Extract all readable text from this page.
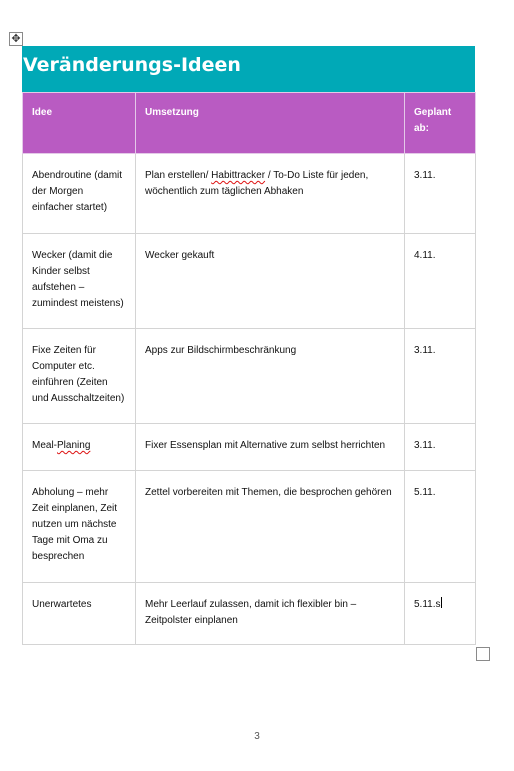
✥
Veränderungs-Ideen
Idee	Umsetzung	Geplant ab:
Abendroutine (damit der Morgen einfacher startet)	Plan erstellen/ Habittracker / To-Do Liste für jeden, wöchentlich zum täglichen Abhaken	3.11.
Wecker (damit die Kinder selbst aufstehen – zumindest meistens)	Wecker gekauft	4.11.
Fixe Zeiten für Computer etc. einführen (Zeiten und Ausschaltzeiten)	Apps zur Bildschirmbeschränkung	3.11.
Meal-Planing	Fixer Essensplan mit Alternative zum selbst herrichten	3.11.
Abholung – mehr Zeit einplanen, Zeit nutzen um nächste Tage mit Oma zu besprechen	Zettel vorbereiten mit Themen, die besprochen gehören	5.11.
Unerwartetes	Mehr Leerlauf zulassen, damit ich flexibler bin – Zeitpolster einplanen	5.11.s
3
